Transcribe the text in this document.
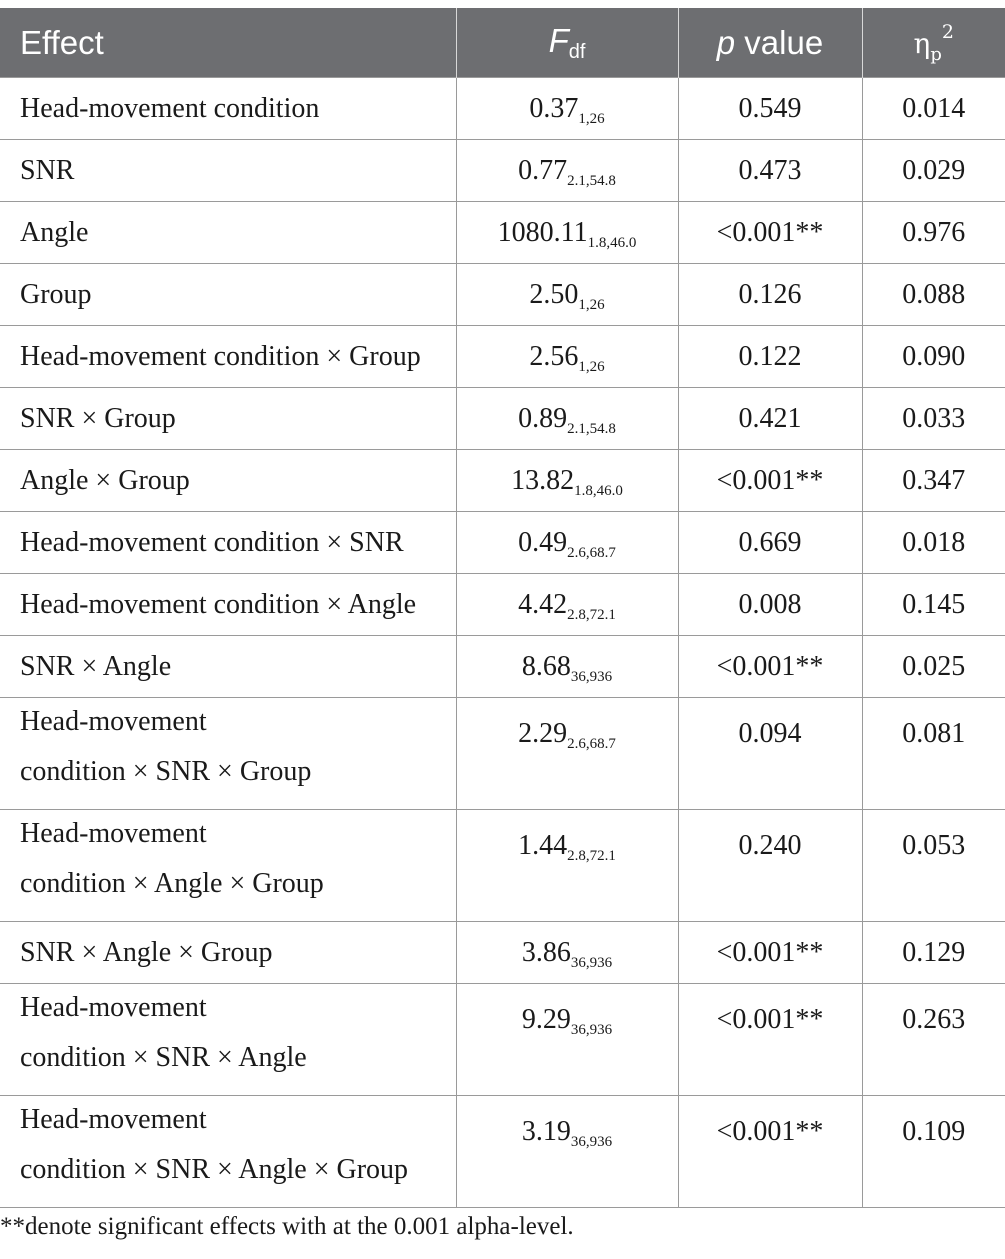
Effect	$F_{df}$	p value	$\eta_p^2$
Head-movement condition	$0.37_{1,26}$	0.549	0.014
SNR	$0.77_{2.1,54.8}$	0.473	0.029
Angle	$1080.11_{1.8,46.0}$	<0.001**	0.976
Group	$2.50_{1,26}$	0.126	0.088
Head-movement condition × Group	$2.56_{1,26}$	0.122	0.090
SNR × Group	$0.89_{2.1,54.8}$	0.421	0.033
Angle × Group	$13.82_{1.8,46.0}$	<0.001**	0.347
Head-movement condition × SNR	$0.49_{2.6,68.7}$	0.669	0.018
Head-movement condition × Angle	$4.42_{2.8,72.1}$	0.008	0.145
SNR × Angle	$8.68_{36,936}$	<0.001**	0.025

Head-movement
condition × SNR × Group	$2.29_{2.6,68.7}$	0.094	0.081

Head-movement
condition × Angle × Group	$1.44_{2.8,72.1}$	0.240	0.053
SNR × Angle × Group	$3.86_{36,936}$	<0.001**	0.129

Head-movement
condition × SNR × Angle	$9.29_{36,936}$	<0.001**	0.263

Head-movement
condition × SNR × Angle × Group	$3.19_{36,936}$	<0.001**	0.109
**denote significant effects with at the 0.001 alpha-level.
